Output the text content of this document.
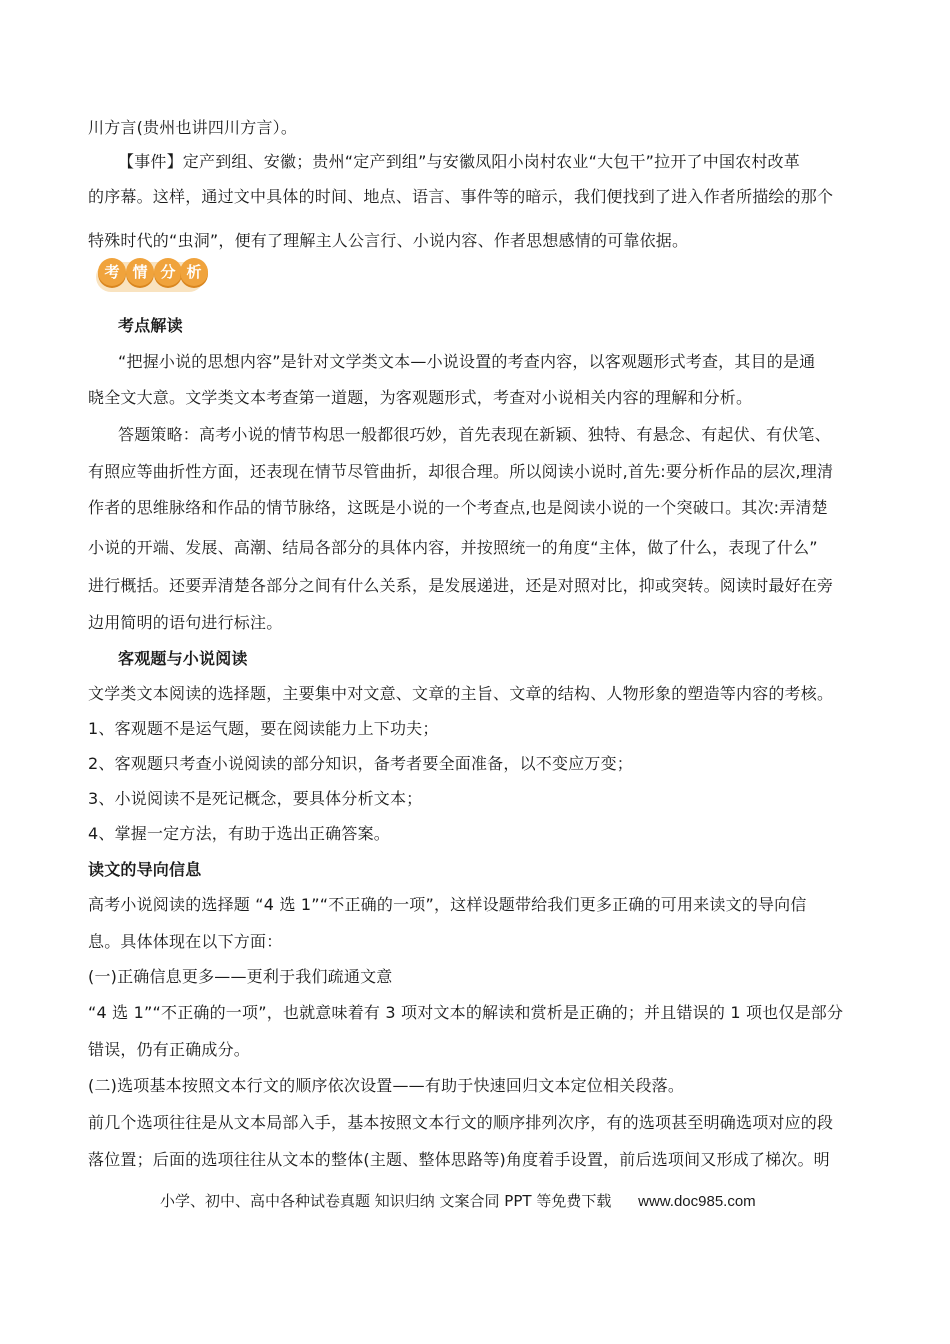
川方言(贵州也讲四川方言）。
【事件】定产到组、安徽；贵州“定产到组”与安徽凤阳小岗村农业“大包干”拉开了中国农村改革
的序幕。这样，通过文中具体的时间、地点、语言、事件等的暗示，我们便找到了进入作者所描绘的那个
特殊时代的“虫洞”，便有了理解主人公言行、小说内容、作者思想感情的可靠依据。
考 情 分 析
考点解读
“把握小说的思想内容”是针对文学类文本—小说设置的考查内容，以客观题形式考查，其目的是通
晓全文大意。文学类文本考查第一道题，为客观题形式，考查对小说相关内容的理解和分析。
答题策略：高考小说的情节构思一般都很巧妙，首先表现在新颖、独特、有悬念、有起伏、有伏笔、
有照应等曲折性方面，还表现在情节尽管曲折，却很合理。所以阅读小说时,首先:要分析作品的层次,理清
作者的思维脉络和作品的情节脉络，这既是小说的一个考查点,也是阅读小说的一个突破口。其次:弄清楚
小说的开端、发展、高潮、结局各部分的具体内容，并按照统一的角度“主体，做了什么，表现了什么”
进行概括。还要弄清楚各部分之间有什么关系，是发展递进，还是对照对比，抑或突转。阅读时最好在旁
边用简明的语句进行标注。
客观题与小说阅读
文学类文本阅读的选择题，主要集中对文意、文章的主旨、文章的结构、人物形象的塑造等内容的考核。
1、客观题不是运气题，要在阅读能力上下功夫；
2、客观题只考查小说阅读的部分知识，备考者要全面准备，以不变应万变；
3、小说阅读不是死记概念，要具体分析文本；
4、掌握一定方法，有助于选出正确答案。
读文的导向信息
高考小说阅读的选择题 “4 选 1”“不正确的一项”，这样设题带给我们更多正确的可用来读文的导向信
息。具体体现在以下方面：
(一)正确信息更多——更利于我们疏通文意
“4 选 1”“不正确的一项”，也就意味着有 3 项对文本的解读和赏析是正确的；并且错误的 1 项也仅是部分
错误，仍有正确成分。
(二)选项基本按照文本行文的顺序依次设置——有助于快速回归文本定位相关段落。
前几个选项往往是从文本局部入手，基本按照文本行文的顺序排列次序，有的选项甚至明确选项对应的段
落位置；后面的选项往往从文本的整体(主题、整体思路等)角度着手设置，前后选项间又形成了梯次。明
小学、初中、高中各种试卷真题 知识归纳 文案合同 PPT 等免费下载 www.doc985.com
